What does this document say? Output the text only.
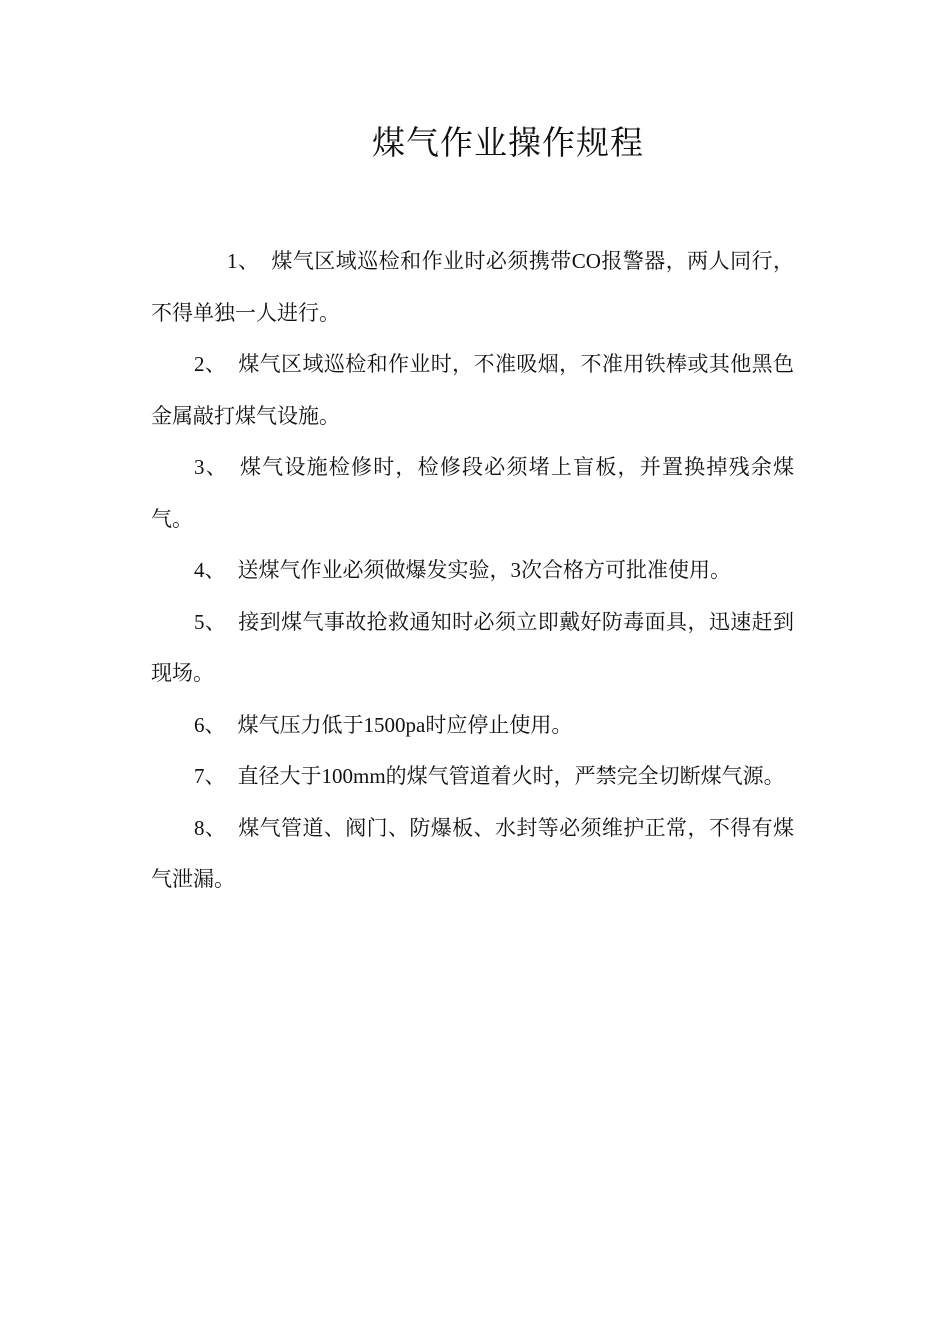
煤气作业操作规程

1、 煤气区域巡检和作业时必须携带CO报警器，两人同行，不得单独一人进行。

2、 煤气区域巡检和作业时，不准吸烟，不准用铁棒或其他黑色金属敲打煤气设施。

3、 煤气设施检修时，检修段必须堵上盲板，并置换掉残余煤气。

4、 送煤气作业必须做爆发实验，3次合格方可批准使用。

5、 接到煤气事故抢救通知时必须立即戴好防毒面具，迅速赶到现场。

6、 煤气压力低于1500pa时应停止使用。

7、 直径大于100mm的煤气管道着火时，严禁完全切断煤气源。

8、 煤气管道、阀门、防爆板、水封等必须维护正常，不得有煤气泄漏。
